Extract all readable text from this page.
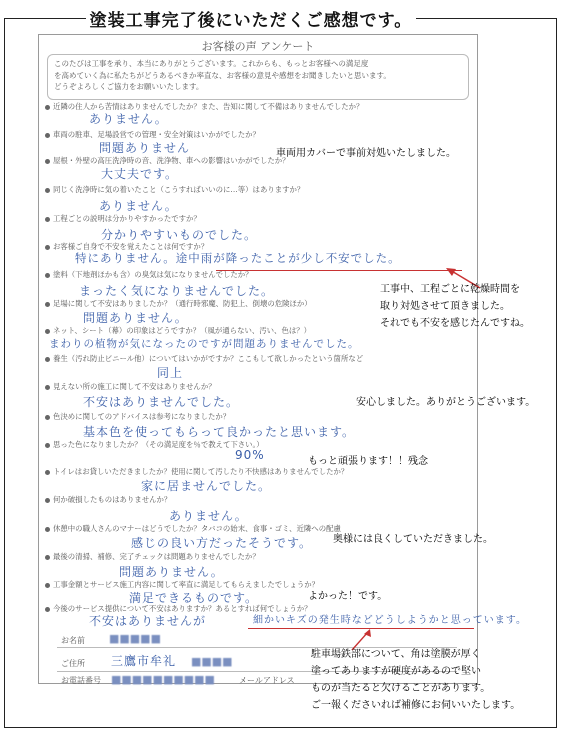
塗装工事完了後にいただくご感想です。
お客様の声 アンケート
このたびは工事を承り、本当にありがとうございます。これからも、もっとお客様への満足度
を高めていく為に私たちがどうあるべきか率直な、お客様の意見や感想をお聞きしたいと思います。
どうぞよろしくご協力をお願いいたします。
近隣の住人から苦情はありませんでしたか？また、告知に関して不備はありませんでしたか？
ありません。
車両の駐車、足場設営での管理・安全対策はいかがでしたか？
問題ありません
屋根・外壁の高圧洗浄時の音、洗浄物、車への影響はいかがでしたか？
大丈夫です。
同じく洗浄時に気の着いたこと（こうすればいいのに…等）はありますか？
ありません。
工程ごとの説明は分かりやすかったですか？
分かりやすいものでした。
お客様ご自身で不安を覚えたことは何ですか？
特にありません。途中雨が降ったことが少し不安でした。
塗料（下地剤ほかも含）の臭気は気になりませんでしたか？
まったく気になりませんでした。
足場に関して不安はありましたか？（通行時邪魔、防犯上、倒壊の危険ほか）
問題ありません。
ネット、シート（幕）の印象はどうですか？（風が通らない、汚い、色は？）
まわりの植物が気になったのですが問題ありませんでした。
養生（汚れ防止ビニール他）についてはいかがですか？ここもして欲しかったという箇所など
同上
見えない所の施工に関して不安はありませんか？
不安はありませんでした。
色決めに関してのアドバイスは参考になりましたか？
基本色を使ってもらって良かったと思います。
思った色になりましたか？（その満足度を％で教えて下さい。）
90%
トイレはお貸しいただきましたか？使用に関して汚したり不快感はありませんでしたか？
家に居ませんでした。
何か破損したものはありませんか？
ありません。
休憩中の職人さんのマナーはどうでしたか？タバコの始末、食事・ゴミ、近隣への配慮
感じの良い方だったそうです。
最後の清掃、補修、完了チェックは問題ありませんでしたか？
問題ありません。
工事金額とサービス施工内容に関して率直に満足してもらえましたでしょうか？
満足できるものです。
今後のサービス提供について不安はありますか？あるとすれば何でしょうか？
不安はありませんが	細かいキズの発生時などどうしようかと思っています。
お名前 ■■■■■
ご住所 三鷹市牟礼 ■■■■
お電話番号 ■■■■■■■■■■	メールアドレス
車両用カバーで事前対処いたしました。
工事中、工程ごとに乾燥時間を
取り対処させて頂きました。
それでも不安を感じたんですね。
安心しました。ありがとうございます。
もっと頑張ります！！残念
奥様には良くしていただきました。
よかった！です。
駐車場鉄部について、角は塗膜が厚く
塗ってありますが硬度があるので堅い
ものが当たると欠けることがあります。
ご一報くださいれば補修にお伺いいたします。
